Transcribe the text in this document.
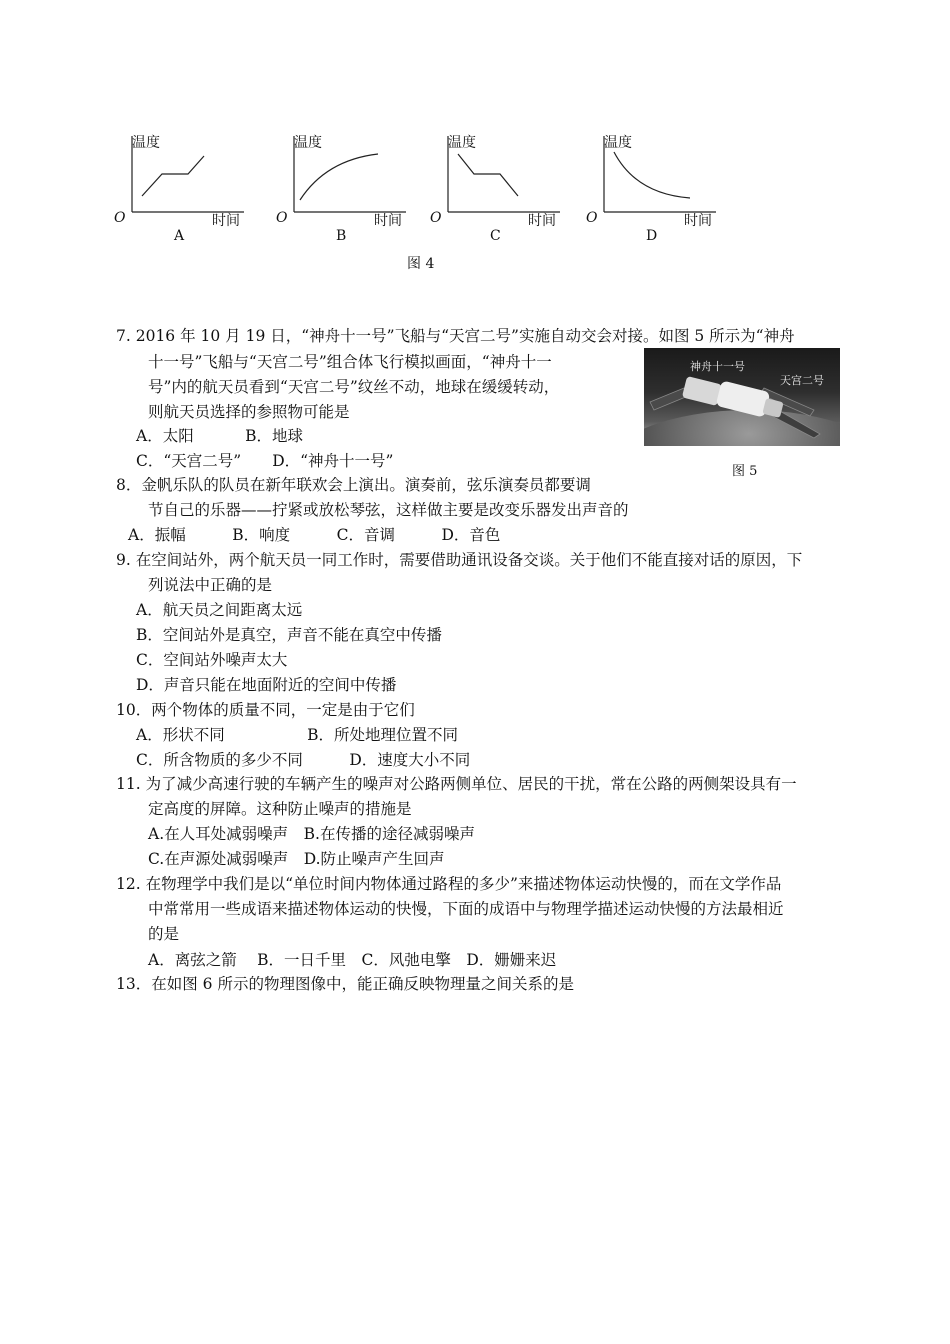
温度
O	时间
A
温度
O	时间
B
温度
O	时间
C
温度
O	时间
D
图 4
7. 2016 年 10 月 19 日，“神舟十一号”飞船与“天宫二号”实施自动交会对接。如图 5 所示为“神舟
十一号”飞船与“天宫二号”组合体飞行模拟画面，“神舟十一
号”内的航天员看到“天宫二号”纹丝不动，地球在缓缓转动，
则航天员选择的参照物可能是
A．太阳　　　 B．地球
C．“天宫二号”　　D．“神舟十一号”
神舟十一号
天宫二号
图 5
8．金帆乐队的队员在新年联欢会上演出。演奏前，弦乐演奏员都要调
节自己的乐器——拧紧或放松琴弦，这样做主要是改变乐器发出声音的
A．振幅　　　B．响度　　　C．音调　　　D．音色
9. 在空间站外，两个航天员一同工作时，需要借助通讯设备交谈。关于他们不能直接对话的原因，下
列说法中正确的是
A．航天员之间距离太远
B．空间站外是真空，声音不能在真空中传播
C．空间站外噪声太大
D．声音只能在地面附近的空间中传播
10．两个物体的质量不同，一定是由于它们
A．形状不同　　　　　 B．所处地理位置不同
C．所含物质的多少不同　　　D．速度大小不同
11. 为了减少高速行驶的车辆产生的噪声对公路两侧单位、居民的干扰，常在公路的两侧架设具有一
定高度的屏障。这种防止噪声的措施是
A.在人耳处减弱噪声　B.在传播的途径减弱噪声
C.在声源处减弱噪声　D.防止噪声产生回声
12. 在物理学中我们是以“单位时间内物体通过路程的多少”来描述物体运动快慢的，而在文学作品
中常常用一些成语来描述物体运动的快慢，下面的成语中与物理学描述运动快慢的方法最相近
的是
A．离弦之箭　 B．一日千里　C．风弛电擎　D．姗姗来迟
13．在如图 6 所示的物理图像中，能正确反映物理量之间关系的是
